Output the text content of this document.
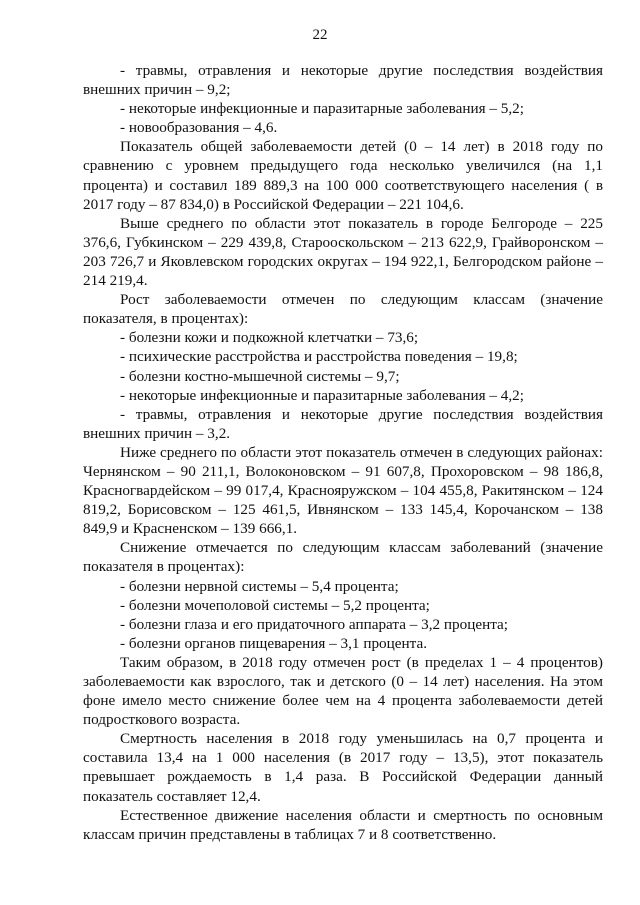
22

- травмы, отравления и некоторые другие последствия воздействия внешних причин – 9,2;

- некоторые инфекционные и паразитарные заболевания – 5,2;

- новообразования – 4,6.

Показатель общей заболеваемости детей (0 – 14 лет) в 2018 году по сравнению с уровнем предыдущего года несколько увеличился (на 1,1 процента) и составил 189 889,3 на 100 000 соответствующего населения ( в 2017 году – 87 834,0) в Российской Федерации – 221 104,6.

Выше среднего по области этот показатель в городе Белгороде – 225 376,6, Губкинском – 229 439,8, Старооскольском – 213 622,9, Грайворонском – 203 726,7 и Яковлевском городских округах – 194 922,1, Белгородском районе – 214 219,4.

Рост заболеваемости отмечен по следующим классам (значение показателя, в процентах):

- болезни кожи и подкожной клетчатки – 73,6;

- психические расстройства и расстройства поведения – 19,8;

- болезни костно-мышечной системы – 9,7;

- некоторые инфекционные и паразитарные заболевания – 4,2;

- травмы, отравления и некоторые другие последствия воздействия внешних причин – 3,2.

Ниже среднего по области этот показатель отмечен в следующих районах: Чернянском – 90 211,1, Волоконовском – 91 607,8, Прохоровском – 98 186,8, Красногвардейском – 99 017,4, Краснояружском – 104 455,8, Ракитянском – 124 819,2, Борисовском – 125 461,5, Ивнянском – 133 145,4, Корочанском – 138 849,9 и Красненском – 139 666,1.

Снижение отмечается по следующим классам заболеваний (значение показателя в процентах):

- болезни нервной системы – 5,4 процента;

- болезни мочеполовой системы – 5,2 процента;

- болезни глаза и его придаточного аппарата – 3,2 процента;

- болезни органов пищеварения – 3,1 процента.

Таким образом, в 2018 году отмечен рост (в пределах 1 – 4 процентов) заболеваемости как взрослого, так и детского (0 – 14 лет) населения. На этом фоне имело место снижение более чем на 4 процента заболеваемости детей подросткового возраста.

Смертность населения в 2018 году уменьшилась на 0,7 процента и составила 13,4 на 1 000 населения (в 2017 году – 13,5), этот показатель превышает рождаемость в 1,4 раза. В Российской Федерации данный показатель составляет 12,4.

Естественное движение населения области и смертность по основным классам причин представлены в таблицах 7 и 8 соответственно.
